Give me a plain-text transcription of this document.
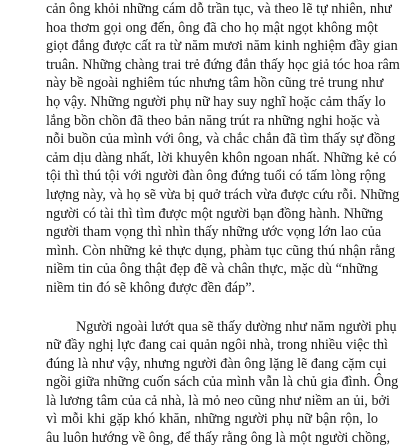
cản ông khỏi những cám dỗ trần tục, và theo lẽ tự nhiên, như
hoa thơm gọi ong đến, ông đã cho họ mật ngọt không một
giọt đắng được cất ra từ năm mươi năm kinh nghiệm đầy gian
truân. Những chàng trai trẻ đứng đắn thấy học giả tóc hoa râm
này bề ngoài nghiêm túc nhưng tâm hồn cũng trẻ trung như
họ vậy. Những người phụ nữ hay suy nghĩ hoặc cảm thấy lo
lắng bồn chồn đã theo bản năng trút ra những nghi hoặc và
nỗi buồn của mình với ông, và chắc chắn đã tìm thấy sự đồng
cảm dịu dàng nhất, lời khuyên khôn ngoan nhất. Những kẻ có
tội thì thú tội với người đàn ông đứng tuổi có tấm lòng rộng
lượng này, và họ sẽ vừa bị quở trách vừa được cứu rỗi. Những
người có tài thì tìm được một người bạn đồng hành. Những
người tham vọng thì nhìn thấy những ước vọng lớn lao của
mình. Còn những kẻ thực dụng, phàm tục cũng thú nhận rằng
niềm tin của ông thật đẹp đẽ và chân thực, mặc dù “những
niềm tin đó sẽ không được đền đáp”.
Người ngoài lướt qua sẽ thấy dường như năm người phụ
nữ đầy nghị lực đang cai quản ngôi nhà, trong nhiều việc thì
đúng là như vậy, nhưng người đàn ông lặng lẽ đang cặm cụi
ngồi giữa những cuốn sách của mình vẫn là chủ gia đình. Ông
là lương tâm của cả nhà, là mỏ neo cũng như niềm an ủi, bởi
vì mỗi khi gặp khó khăn, những người phụ nữ bận rộn, lo
âu luôn hướng về ông, để thấy rằng ông là một người chồng,
